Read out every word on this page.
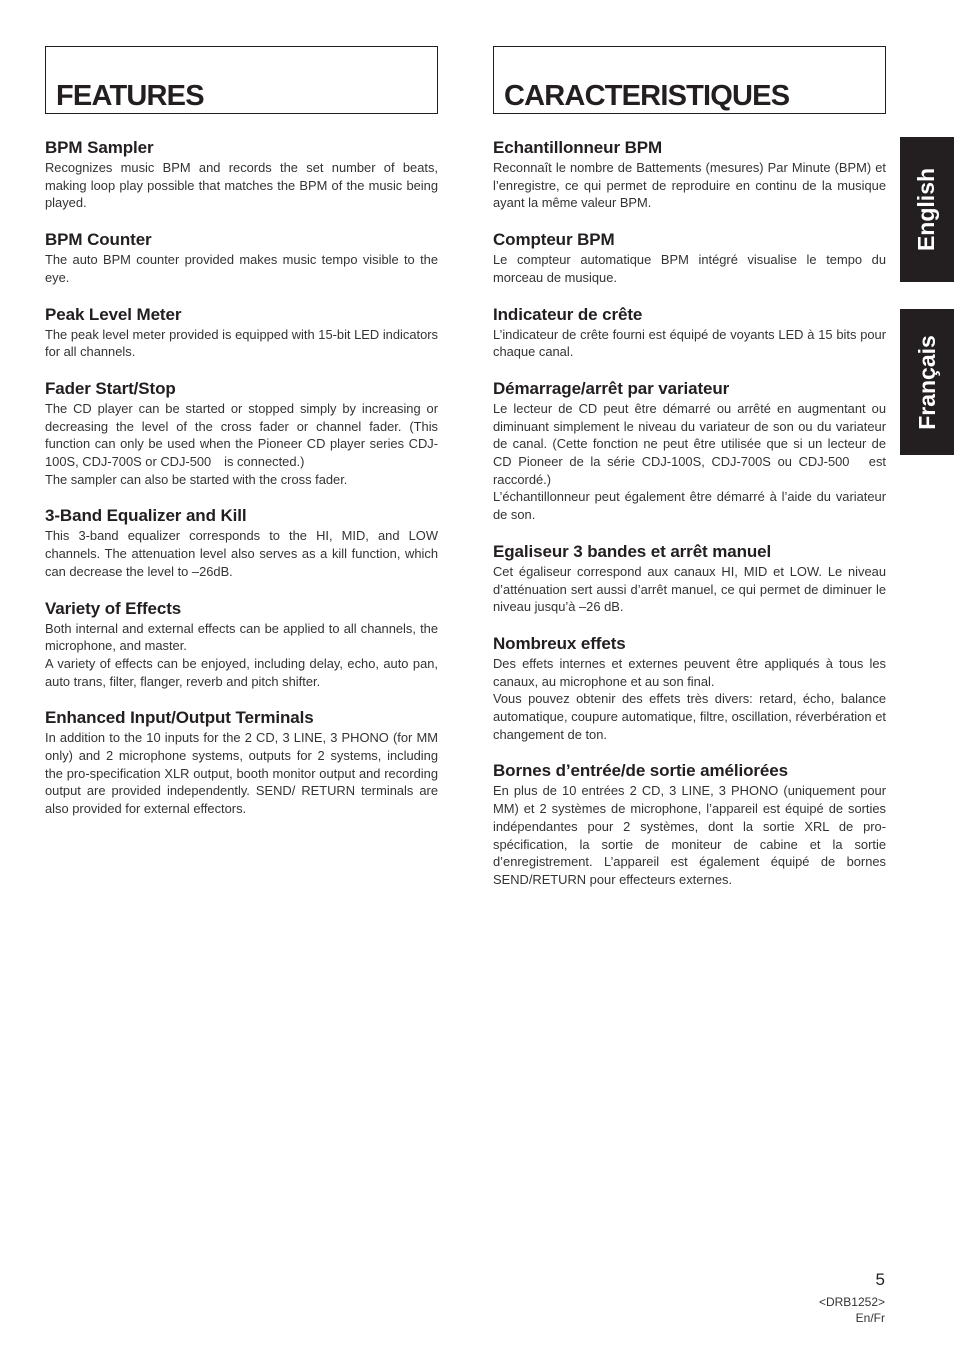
FEATURES
BPM Sampler

Recognizes music BPM and records the set number of beats, making loop play possible that matches the BPM of the music being played.

BPM Counter

The auto BPM counter provided makes music tempo visible to the eye.

Peak Level Meter

The peak level meter provided is equipped with 15-bit LED indicators for all channels.

Fader Start/Stop

The CD player can be started or stopped simply by increasing or decreasing the level of the cross fader or channel fader. (This function can only be used when the Pioneer CD player series CDJ-100S, CDJ-700S or CDJ-500  is connected.)

The sampler can also be started with the cross fader.

3-Band Equalizer and Kill

This 3-band equalizer corresponds to the HI, MID, and LOW channels. The attenuation level also serves as a kill function, which can decrease the level to –26dB.

Variety of Effects

Both internal and external effects can be applied to all channels, the microphone, and master.

A variety of effects can be enjoyed, including delay, echo, auto pan, auto trans, filter, flanger, reverb and pitch shifter.

Enhanced Input/Output Terminals

In addition to the 10 inputs for the 2 CD, 3 LINE, 3 PHONO (for MM only) and 2 microphone systems, outputs for 2 systems, including the pro-specification XLR output, booth monitor output and recording output are provided independently. SEND/ RETURN terminals are also provided for external effectors.

CARACTERISTIQUES
Echantillonneur BPM

Reconnaît le nombre de Battements (mesures) Par Minute (BPM) et l’enregistre, ce qui permet de reproduire en continu de la musique ayant la même valeur BPM.

Compteur BPM

Le compteur automatique BPM intégré visualise le tempo du morceau de musique.

Indicateur de crête

L’indicateur de crête fourni est équipé de voyants LED à 15 bits pour chaque canal.

Démarrage/arrêt par variateur

Le lecteur de CD peut être démarré ou arrêté en augmentant ou diminuant simplement le niveau du variateur de son ou du variateur de canal. (Cette fonction ne peut être utilisée que si un lecteur de CD Pioneer de la série CDJ-100S, CDJ-700S ou CDJ-500   est raccordé.)

L’échantillonneur peut également être démarré à l’aide du variateur de son.

Egaliseur 3 bandes et arrêt manuel

Cet égaliseur correspond aux canaux HI, MID et LOW. Le niveau d’atténuation sert aussi d’arrêt manuel, ce qui permet de diminuer le niveau jusqu’à –26 dB.

Nombreux effets

Des effets internes et externes peuvent être appliqués à tous les canaux, au microphone et au son final.

Vous pouvez obtenir des effets très divers: retard, écho, balance automatique, coupure automatique, filtre, oscillation, réverbération et changement de ton.

Bornes d’entrée/de sortie améliorées

En plus de 10 entrées 2 CD, 3 LINE, 3 PHONO (uniquement pour MM) et 2 systèmes de microphone, l’appareil est équipé de sorties indépendantes pour 2 systèmes, dont la sortie XRL de pro-spécification, la sortie de moniteur de cabine et la sortie d’enregistrement. L’appareil est également équipé de bornes SEND/RETURN pour effecteurs externes.

English
Français
5
<DRB1252>
En/Fr
